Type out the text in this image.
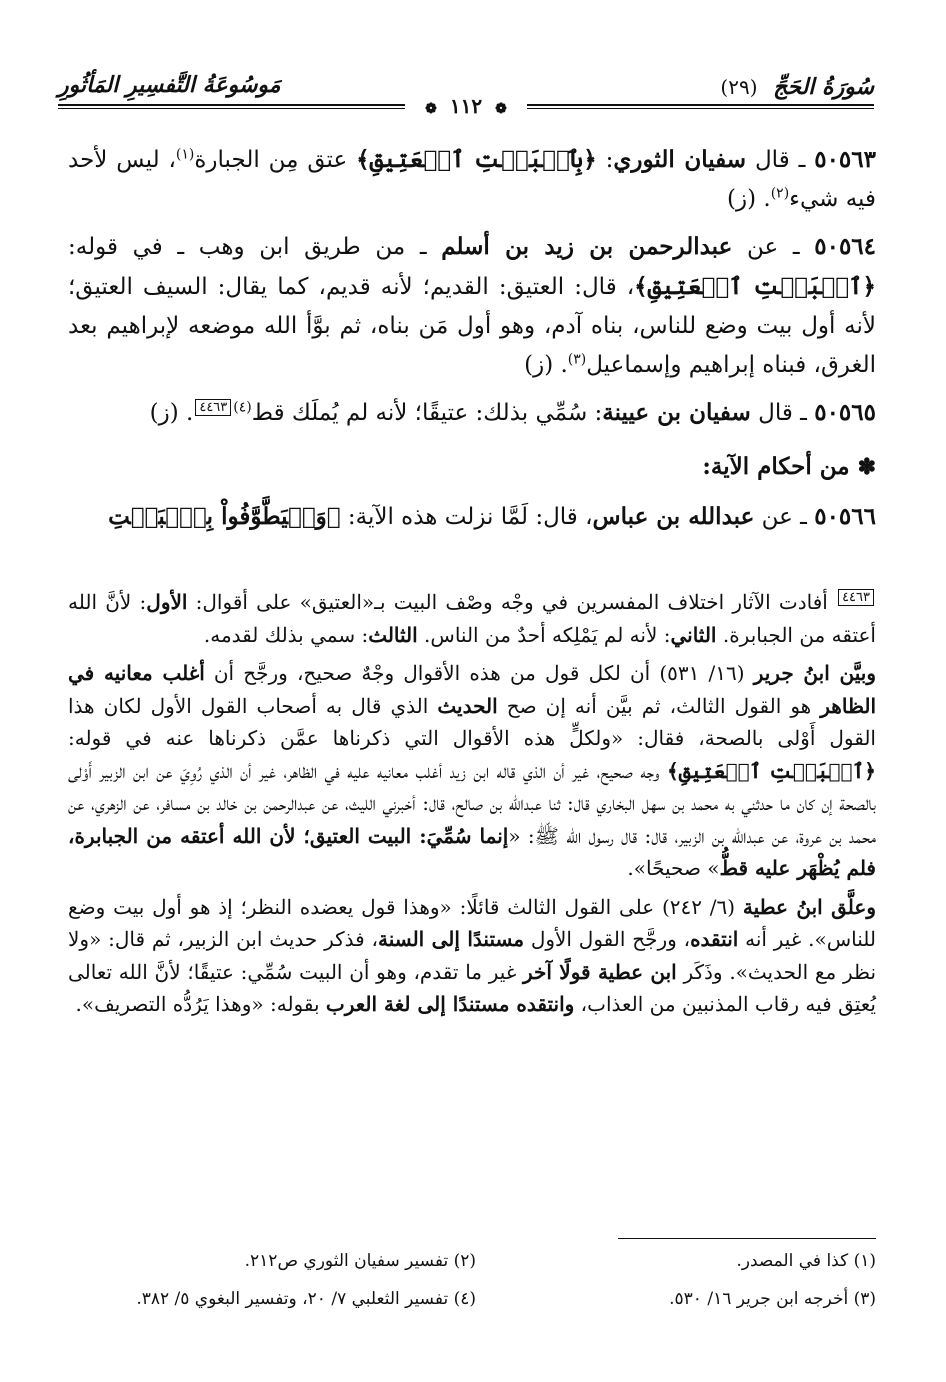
سُورَةُ الحَجِّ (٢٩)
مَوسُوعَةُ التَّفسِيرِ المَأثُورِ
❁ ١١٢ ❁

٥٠٥٦٣ ـ قال سفيان الثوري: ﴿بِٱلۡبَيۡتِ ٱلۡعَتِيقِ﴾ عتق مِن الجبارة$^{(١)}$، ليس لأحد فيه شيء$^{(٢)}$. (ز)

٥٠٥٦٤ ـ عن عبدالرحمن بن زيد بن أسلم ـ من طريق ابن وهب ـ في قوله: ﴿ٱلۡبَيۡتِ ٱلۡعَتِيقِ﴾، قال: العتيق: القديم؛ لأنه قديم، كما يقال: السيف العتيق؛ لأنه أول بيت وضع للناس، بناه آدم، وهو أول مَن بناه، ثم بوَّأ الله موضعه لإبراهيم بعد الغرق، فبناه إبراهيم وإسماعيل$^{(٣)}$. (ز)

٥٠٥٦٥ ـ قال سفيان بن عيينة: سُمِّي بذلك: عتيقًا؛ لأنه لم يُملَك قط$^{(٤)}$٤٤٦٣. (ز)

✽من أحكام الآية:

٥٠٥٦٦ ـ عن عبدالله بن عباس، قال: لَمَّا نزلت هذه الآية: ﴿وَلۡيَطَّوَّفُواْ بِٱلۡبَيۡتِ

٤٤٦٣ أفادت الآثار اختلاف المفسرين في وجْه وصْف البيت بـ«العتيق» على أقوال: الأول: لأنَّ الله أعتقه من الجبابرة. الثاني: لأنه لم يَمْلِكه أحدٌ من الناس. الثالث: سمي بذلك لقدمه.

وبيَّن ابنُ جرير (١٦/ ٥٣١) أن لكل قول من هذه الأقوال وجْهٌ صحيح، ورجَّح أن أغلب معانيه في الظاهر هو القول الثالث، ثم بيَّن أنه إن صح الحديث الذي قال به أصحاب القول الأول لكان هذا القول أَوْلى بالصحة، فقال: «ولكلٍّ هذه الأقوال التي ذكرناها عمَّن ذكرناها عنه في قوله: ﴿ٱلۡبَيۡتِ ٱلۡعَتِيقِ﴾ وجه صحيح، غير أن الذي قاله ابن زيد أغلب معانيه عليه في الظاهر، غير أن الذي رُوِيَ عن ابن الزبير أَوْلى بالصحة إن كان ما حدثني به محمد بن سهل البخاري قال: ثنا عبدالله بن صالح، قال: أخبرني الليث، عن عبدالرحمن بن خالد بن مسافر، عن الزهري، عن محمد بن عروة، عن عبدالله بن الزبير، قال: قال رسول الله ﷺ: «إنما سُمِّيَ: البيت العتيق؛ لأن الله أعتقه من الجبابرة، فلم يُظْهَر عليه قطُّ» صحيحًا».

وعلَّق ابنُ عطية (٦/ ٢٤٢) على القول الثالث قائلًا: «وهذا قول يعضده النظر؛ إذ هو أول بيت وضع للناس». غير أنه انتقده، ورجَّح القول الأول مستندًا إلى السنة، فذكر حديث ابن الزبير، ثم قال: «ولا نظر مع الحديث». وذَكَر ابن عطية قولًا آخر غير ما تقدم، وهو أن البيت سُمِّي: عتيقًا؛ لأنَّ الله تعالى يُعتِق فيه رقاب المذنبين من العذاب، وانتقده مستندًا إلى لغة العرب بقوله: «وهذا يَرُدُّه التصريف».

(١) كذا في المصدر.
(٢) تفسير سفيان الثوري ص٢١٢.
(٣) أخرجه ابن جرير ١٦/ ٥٣٠.
(٤) تفسير الثعلبي ٧/ ٢٠، وتفسير البغوي ٥/ ٣٨٢.
